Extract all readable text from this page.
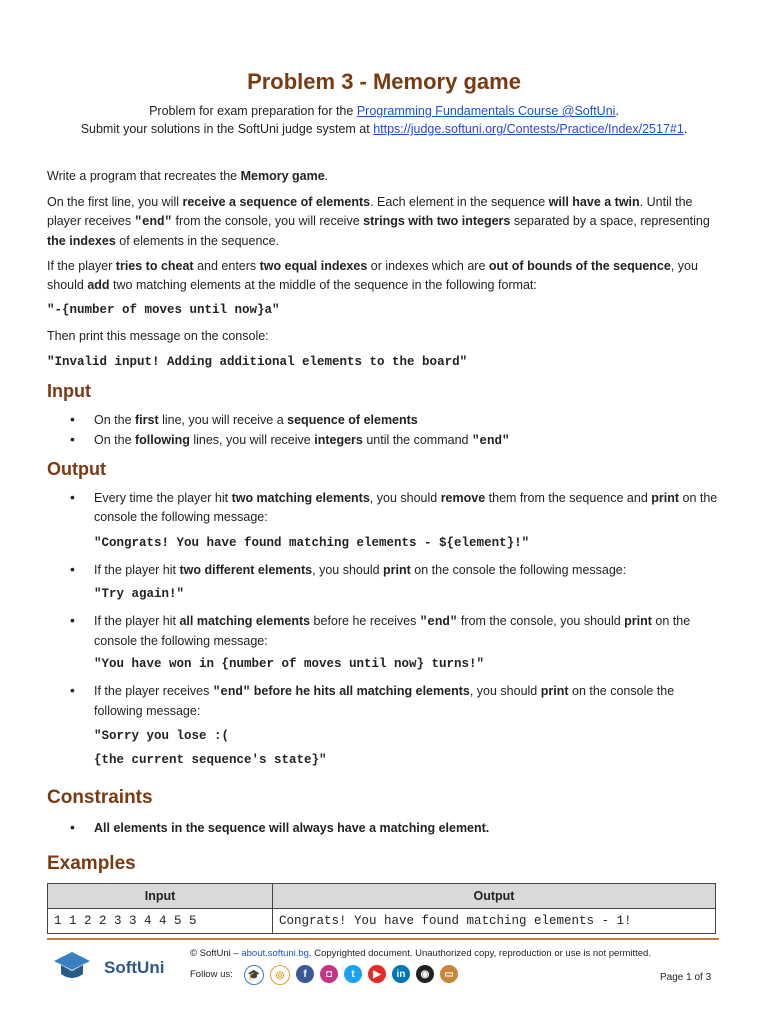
Problem 3 - Memory game
Problem for exam preparation for the Programming Fundamentals Course @SoftUni.
Submit your solutions in the SoftUni judge system at https://judge.softuni.org/Contests/Practice/Index/2517#1.
Write a program that recreates the Memory game.
On the first line, you will receive a sequence of elements. Each element in the sequence will have a twin. Until the player receives "end" from the console, you will receive strings with two integers separated by a space, representing the indexes of elements in the sequence.
If the player tries to cheat and enters two equal indexes or indexes which are out of bounds of the sequence, you should add two matching elements at the middle of the sequence in the following format:
"-{number of moves until now}a"
Then print this message on the console:
"Invalid input! Adding additional elements to the board"
Input
• On the first line, you will receive a sequence of elements
• On the following lines, you will receive integers until the command "end"
Output
• Every time the player hit two matching elements, you should remove them from the sequence and print on the console the following message:
"Congrats! You have found matching elements - ${element}!"
• If the player hit two different elements, you should print on the console the following message:
"Try again!"
• If the player hit all matching elements before he receives "end" from the console, you should print on the console the following message:
"You have won in {number of moves until now} turns!"
• If the player receives "end" before he hits all matching elements, you should print on the console the following message:
"Sorry you lose :(
{the current sequence's state}"
Constraints
• All elements in the sequence will always have a matching element.
Examples
Input	Output
1 1 2 2 3 3 4 4 5 5	Congrats! You have found matching elements - 1!
SoftUni
© SoftUni – about.softuni.bg. Copyrighted document. Unauthorized copy, reproduction or use is not permitted.
Follow us:	🎓	◎	f	◘	t	▶	in	◉	▭	Page 1 of 3
